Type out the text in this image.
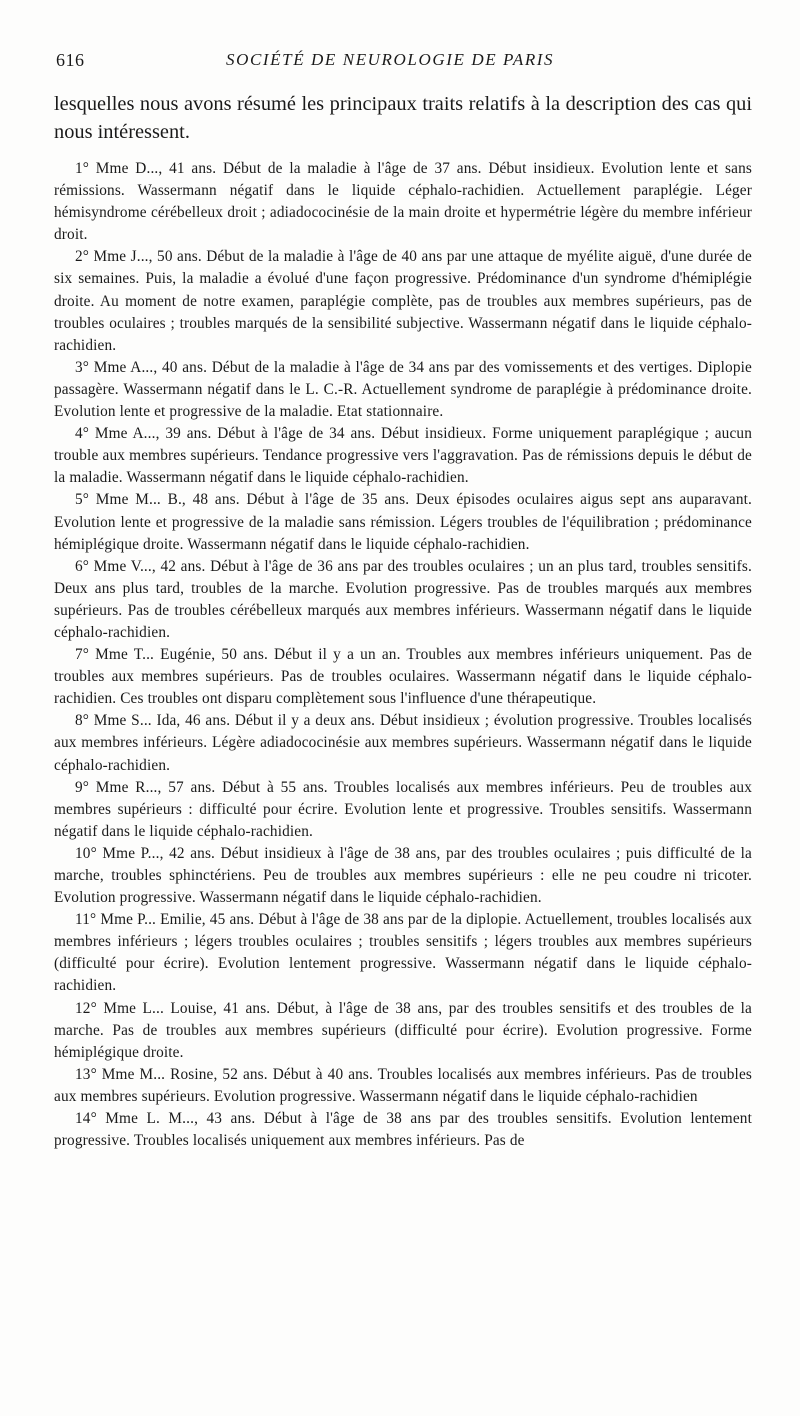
616	SOCIÉTÉ DE NEUROLOGIE DE PARIS

lesquelles nous avons résumé les principaux traits relatifs à la description des cas qui nous intéressent.

1° Mme D..., 41 ans. Début de la maladie à l'âge de 37 ans. Début insidieux. Evolution lente et sans rémissions. Wassermann négatif dans le liquide céphalo-rachidien. Actuellement paraplégie. Léger hémisyndrome cérébelleux droit ; adiadococinésie de la main droite et hypermétrie légère du membre inférieur droit.
2° Mme J..., 50 ans. Début de la maladie à l'âge de 40 ans par une attaque de myélite aiguë, d'une durée de six semaines. Puis, la maladie a évolué d'une façon progressive. Prédominance d'un syndrome d'hémiplégie droite. Au moment de notre examen, paraplégie complète, pas de troubles aux membres supérieurs, pas de troubles oculaires ; troubles marqués de la sensibilité subjective. Wassermann négatif dans le liquide céphalo-rachidien.
3° Mme A..., 40 ans. Début de la maladie à l'âge de 34 ans par des vomissements et des vertiges. Diplopie passagère. Wassermann négatif dans le L. C.-R. Actuellement syndrome de paraplégie à prédominance droite. Evolution lente et progressive de la maladie. Etat stationnaire.
4° Mme A..., 39 ans. Début à l'âge de 34 ans. Début insidieux. Forme uniquement paraplégique ; aucun trouble aux membres supérieurs. Tendance progressive vers l'aggravation. Pas de rémissions depuis le début de la maladie. Wassermann négatif dans le liquide céphalo-rachidien.
5° Mme M... B., 48 ans. Début à l'âge de 35 ans. Deux épisodes oculaires aigus sept ans auparavant. Evolution lente et progressive de la maladie sans rémission. Légers troubles de l'équilibration ; prédominance hémiplégique droite. Wassermann négatif dans le liquide céphalo-rachidien.
6° Mme V..., 42 ans. Début à l'âge de 36 ans par des troubles oculaires ; un an plus tard, troubles sensitifs. Deux ans plus tard, troubles de la marche. Evolution progressive. Pas de troubles marqués aux membres supérieurs. Pas de troubles cérébelleux marqués aux membres inférieurs. Wassermann négatif dans le liquide céphalo-rachidien.
7° Mme T... Eugénie, 50 ans. Début il y a un an. Troubles aux membres inférieurs uniquement. Pas de troubles aux membres supérieurs. Pas de troubles oculaires. Wassermann négatif dans le liquide céphalo-rachidien. Ces troubles ont disparu complètement sous l'influence d'une thérapeutique.
8° Mme S... Ida, 46 ans. Début il y a deux ans. Début insidieux ; évolution progressive. Troubles localisés aux membres inférieurs. Légère adiadococinésie aux membres supérieurs. Wassermann négatif dans le liquide céphalo-rachidien.
9° Mme R..., 57 ans. Début à 55 ans. Troubles localisés aux membres inférieurs. Peu de troubles aux membres supérieurs : difficulté pour écrire. Evolution lente et progressive. Troubles sensitifs. Wassermann négatif dans le liquide céphalo-rachidien.
10° Mme P..., 42 ans. Début insidieux à l'âge de 38 ans, par des troubles oculaires ; puis difficulté de la marche, troubles sphinctériens. Peu de troubles aux membres supérieurs : elle ne peu coudre ni tricoter. Evolution progressive. Wassermann négatif dans le liquide céphalo-rachidien.
11° Mme P... Emilie, 45 ans. Début à l'âge de 38 ans par de la diplopie. Actuellement, troubles localisés aux membres inférieurs ; légers troubles oculaires ; troubles sensitifs ; légers troubles aux membres supérieurs (difficulté pour écrire). Evolution lentement progressive. Wassermann négatif dans le liquide céphalo-rachidien.
12° Mme L... Louise, 41 ans. Début, à l'âge de 38 ans, par des troubles sensitifs et des troubles de la marche. Pas de troubles aux membres supérieurs (difficulté pour écrire). Evolution progressive. Forme hémiplégique droite.
13° Mme M... Rosine, 52 ans. Début à 40 ans. Troubles localisés aux membres inférieurs. Pas de troubles aux membres supérieurs. Evolution progressive. Wassermann négatif dans le liquide céphalo-rachidien
14° Mme L. M..., 43 ans. Début à l'âge de 38 ans par des troubles sensitifs. Evolution lentement progressive. Troubles localisés uniquement aux membres inférieurs. Pas de
